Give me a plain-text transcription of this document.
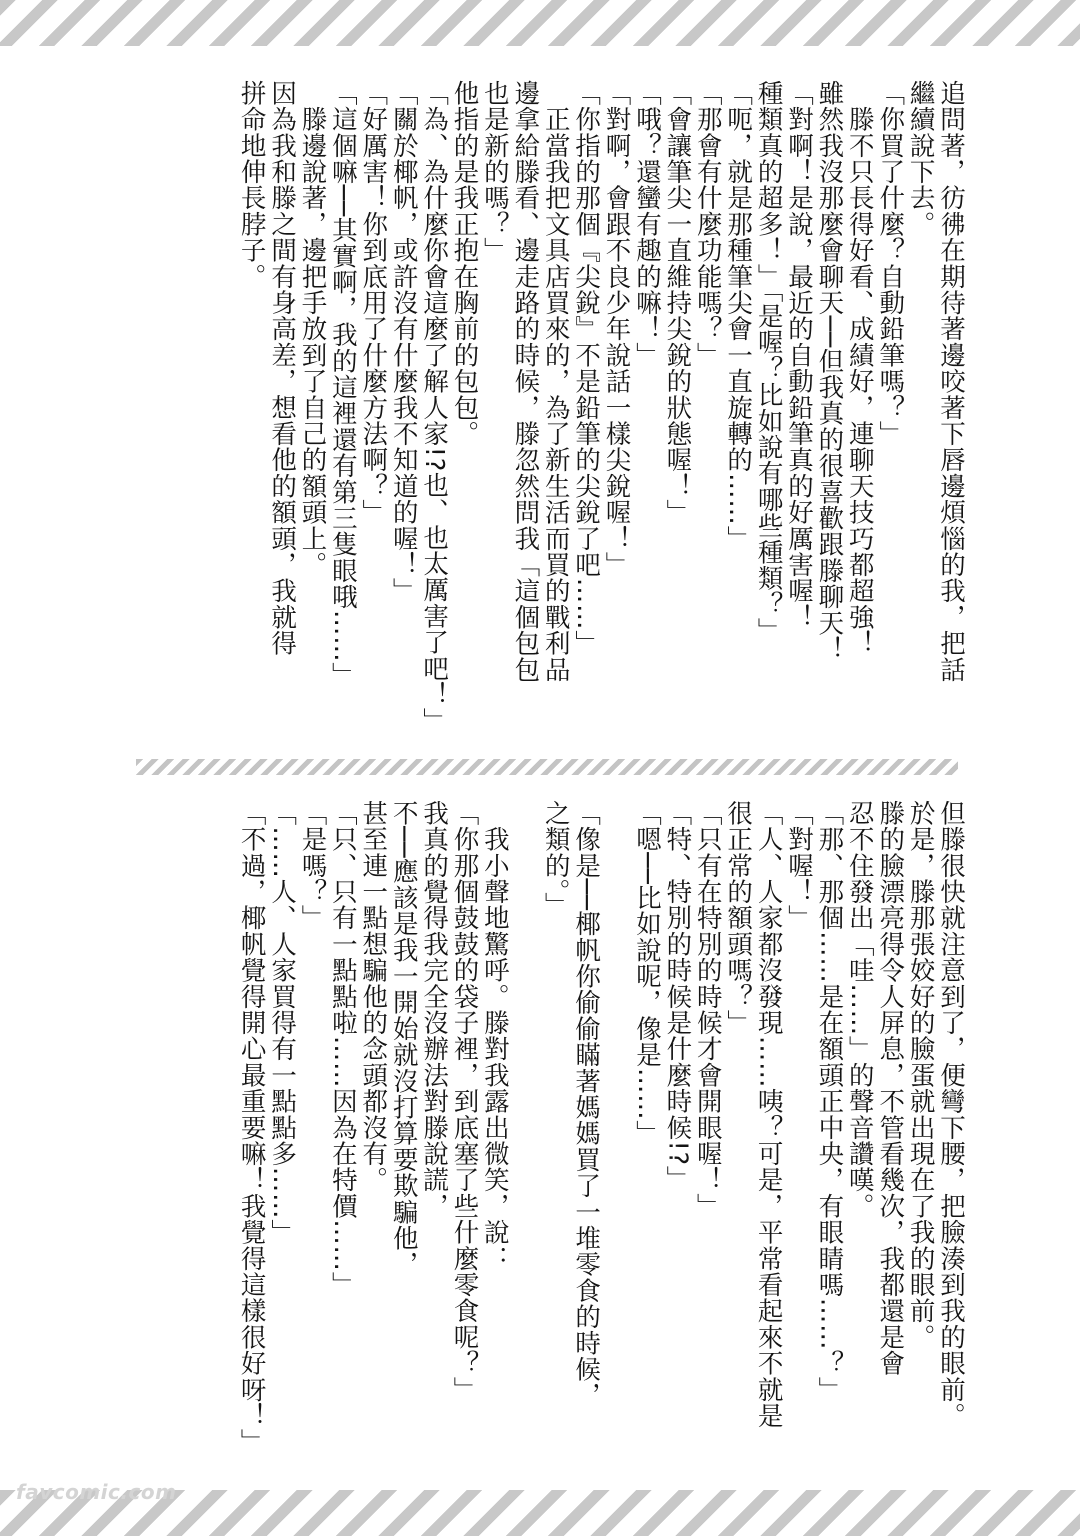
追問著，彷彿在期待著邊咬著下唇邊煩惱的我，把話
繼續說下去。
「你買了什麼？自動鉛筆嗎？」
　滕不只長得好看、成績好，連聊天技巧都超強！
雖然我沒那麼會聊天──但我真的很喜歡跟滕聊天！
「對啊！是說，最近的自動鉛筆真的好厲害喔！
種類真的超多！」「是喔？比如說有哪些種類？」
「呃，就是那種筆尖會一直旋轉的……」
「那會有什麼功能嗎？」
「會讓筆尖一直維持尖銳的狀態喔！」
「哦？還蠻有趣的嘛！」
「對啊，會跟不良少年說話一樣尖銳喔！」
「你指的那個『尖銳』不是鉛筆的尖銳了吧……」
　正當我把文具店買來的，為了新生活而買的戰利品
邊拿給滕看、邊走路的時候，滕忽然問我「這個包包
也是新的嗎？」
他指的是我正抱在胸前的包包。
「為、為什麼你會這麼了解人家!?也、也太厲害了吧！」
「關於椰帆，或許沒有什麼我不知道的喔！」
「好厲害！你到底用了什麼方法啊？」
「這個嘛──其實啊，我的這裡還有第三隻眼哦……」
　滕邊說著，邊把手放到了自己的額頭上。
因為我和滕之間有身高差，想看他的額頭，我就得
拼命地伸長脖子。
但滕很快就注意到了，便彎下腰，把臉湊到我的眼前。
於是，滕那張姣好的臉蛋就出現在了我的眼前。
滕的臉漂亮得令人屏息，不管看幾次，我都還是會
忍不住發出「哇……」的聲音讚嘆。
「那、那個……是在額頭正中央，有眼睛嗎……？」
「對喔！」
「人、人家都沒發現……咦？可是，平常看起來不就是
很正常的額頭嗎？」
「只有在特別的時候才會開眼喔！」
「特、特別的時候是什麼時候!?」
「嗯──比如說呢，像是……」

「像是──椰帆你偷偷瞞著媽媽買了一堆零食的時候，
之類的。」

　我小聲地驚呼。滕對我露出微笑，說：
「你那個鼓鼓的袋子裡，到底塞了些什麼零食呢？」
我真的覺得我完全沒辦法對滕說謊，
不──應該是我一開始就沒打算要欺騙他，
甚至連一點想騙他的念頭都沒有。
「只、只有一點點啦……因為在特價……」
「是嗎？」
「……人、人家買得有一點點多……」
「不過，椰帆覺得開心最重要嘛！我覺得這樣很好呀！」
favcomic.com
